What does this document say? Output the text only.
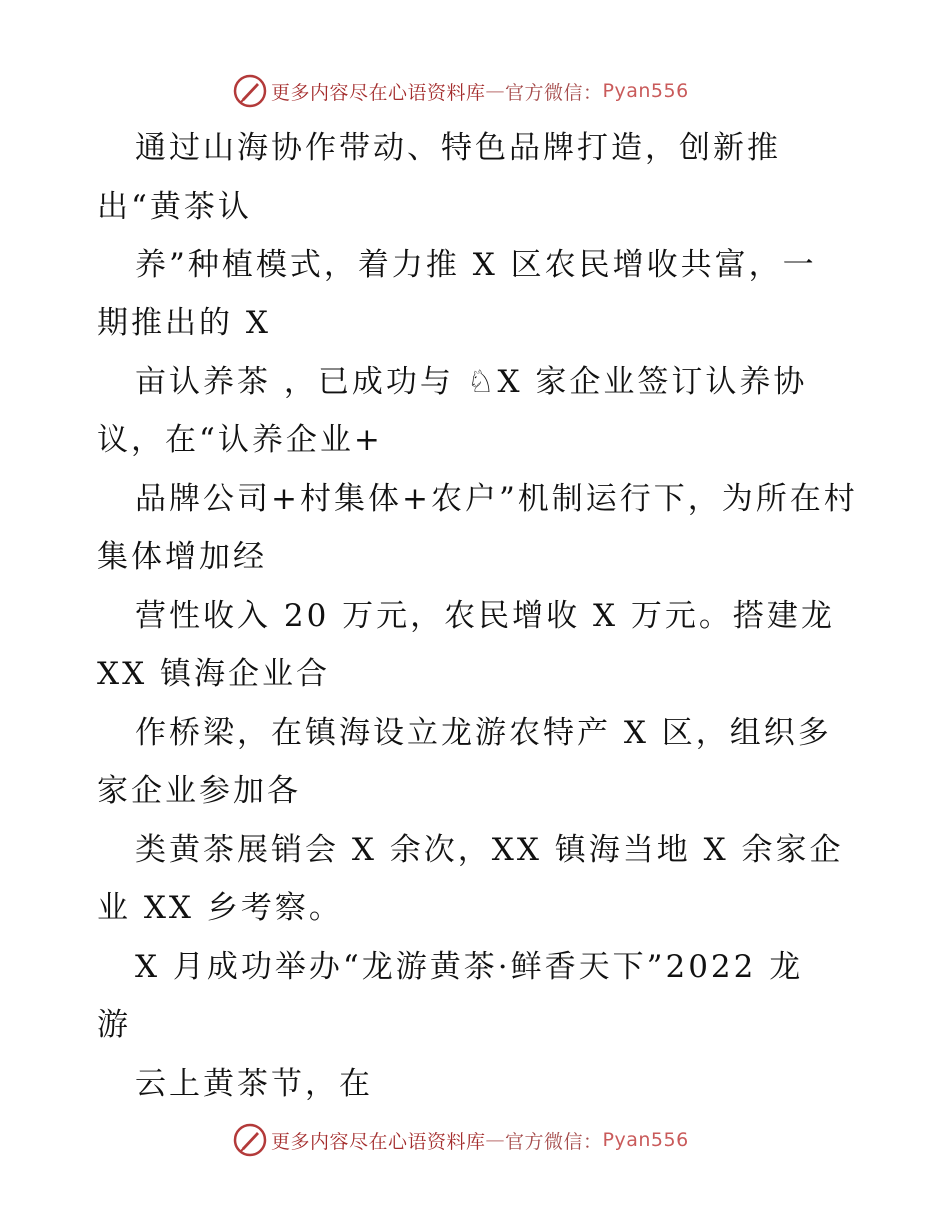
更多内容尽在心语资料库 — 官方微信： Pyan556
通过山海协作带动、特色品牌打造，创新推
出“黄茶认
养”种植模式，着力推 X 区农民增收共富，一
期推出的 X
亩认养茶 ，已成功与 ♘X 家企业签订认养协
议，在“认养企业+
品牌公司+村集体+农户”机制运行下，为所在村
集体增加经
营性收入 20 万元，农民增收 X 万元。搭建龙
XX 镇海企业合
作桥梁，在镇海设立龙游农特产 X 区，组织多
家企业参加各
类黄茶展销会 X 余次，XX 镇海当地 X 余家企
业 XX 乡考察。
X 月成功举办“龙游黄茶·鲜香天下”2022 龙
游
云上黄茶节，在
更多内容尽在心语资料库 — 官方微信： Pyan556
